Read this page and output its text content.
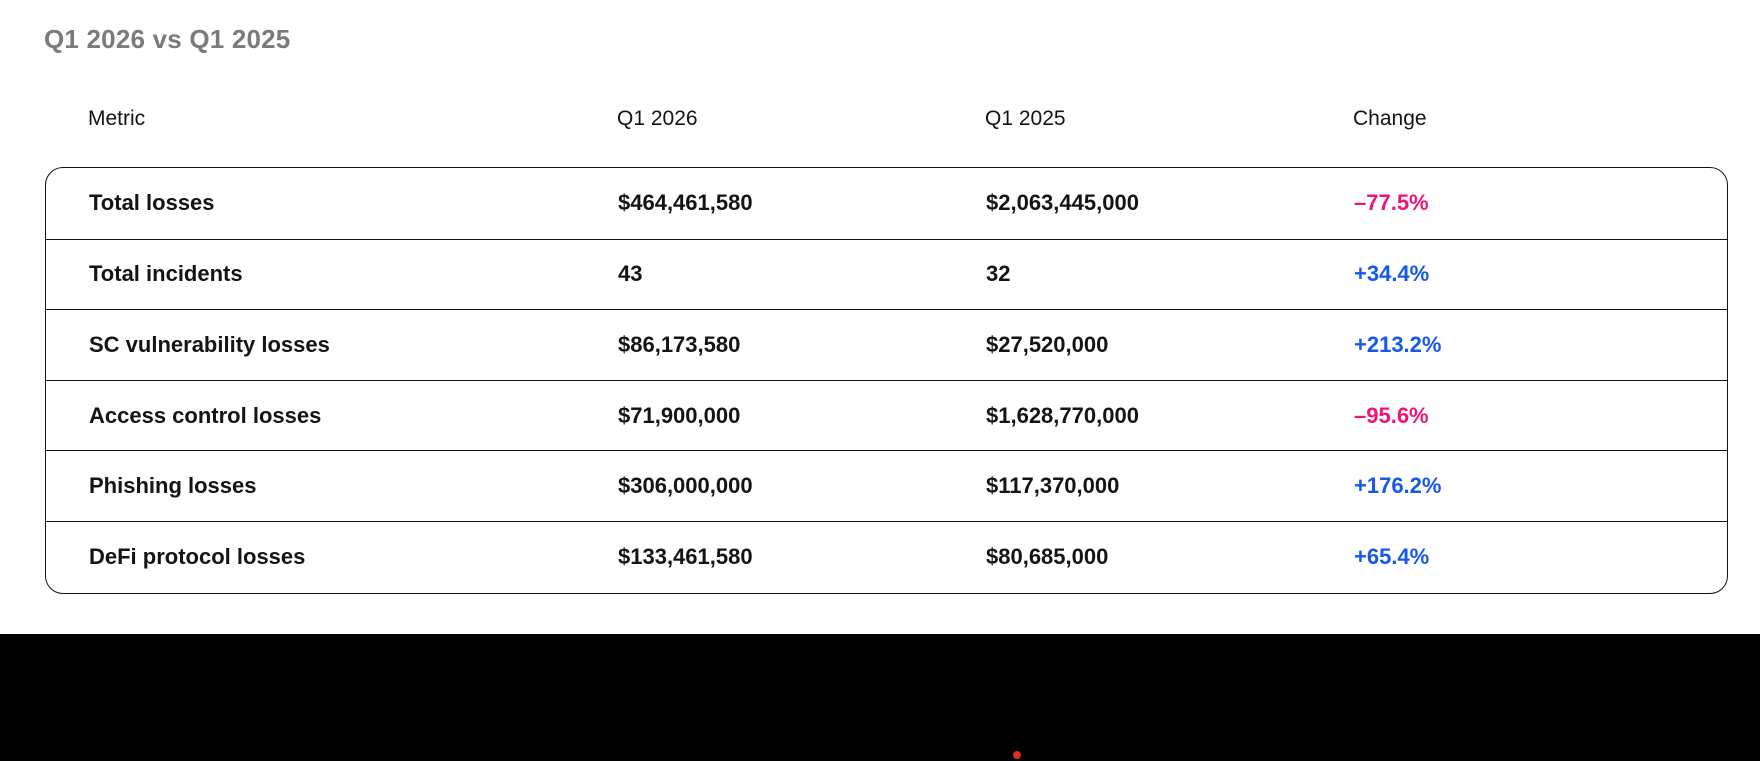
Q1 2026 vs Q1 2025
Metric	Q1 2026	Q1 2025	Change
Total losses	$464,461,580	$2,063,445,000	–77.5%
Total incidents	43	32	+34.4%
SC vulnerability losses	$86,173,580	$27,520,000	+213.2%
Access control losses	$71,900,000	$1,628,770,000	–95.6%
Phishing losses	$306,000,000	$117,370,000	+176.2%
DeFi protocol losses	$133,461,580	$80,685,000	+65.4%
